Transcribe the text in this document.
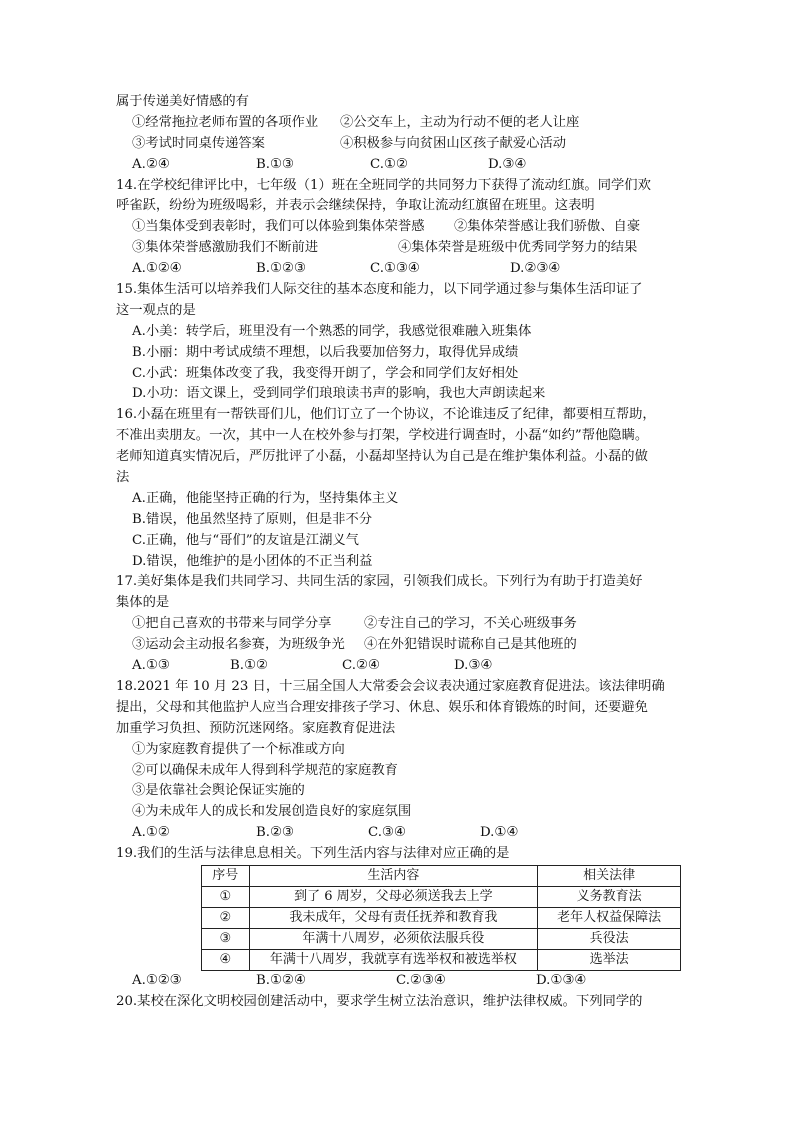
属于传递美好情感的有
①经常拖拉老师布置的各项作业	②公交车上，主动为行动不便的老人让座
③考试时同桌传递答案	④积极参与向贫困山区孩子献爱心活动
A.②④	B.①③	C.①②	D.③④
14.在学校纪律评比中，七年级（1）班在全班同学的共同努力下获得了流动红旗。同学们欢
呼雀跃，纷纷为班级喝彩，并表示会继续保持，争取让流动红旗留在班里。这表明
①当集体受到表彰时，我们可以体验到集体荣誉感	②集体荣誉感让我们骄傲、自豪
③集体荣誉感激励我们不断前进	④集体荣誉是班级中优秀同学努力的结果
A.①②④	B.①②③	C.①③④	D.②③④
15.集体生活可以培养我们人际交往的基本态度和能力，以下同学通过参与集体生活印证了
这一观点的是
A.小美：转学后，班里没有一个熟悉的同学，我感觉很难融入班集体
B.小丽：期中考试成绩不理想，以后我要加倍努力，取得优异成绩
C.小武：班集体改变了我，我变得开朗了，学会和同学们友好相处
D.小功：语文课上，受到同学们琅琅读书声的影响，我也大声朗读起来
16.小磊在班里有一帮铁哥们儿，他们订立了一个协议，不论谁违反了纪律，都要相互帮助，
不准出卖朋友。一次，其中一人在校外参与打架，学校进行调查时，小磊“如约”帮他隐瞒。
老师知道真实情况后，严厉批评了小磊，小磊却坚持认为自己是在维护集体利益。小磊的做
法
A.正确，他能坚持正确的行为，坚持集体主义
B.错误，他虽然坚持了原则，但是非不分
C.正确，他与“哥们”的友谊是江湖义气
D.错误，他维护的是小团体的不正当利益
17.美好集体是我们共同学习、共同生活的家园，引领我们成长。下列行为有助于打造美好
集体的是
①把自己喜欢的书带来与同学分享	②专注自己的学习，不关心班级事务
③运动会主动报名参赛，为班级争光	④在外犯错误时谎称自己是其他班的
A.①③	B.①②	C.②④	D.③④
18.2021 年 10 月 23 日，十三届全国人大常委会会议表决通过家庭教育促进法。该法律明确
提出，父母和其他监护人应当合理安排孩子学习、休息、娱乐和体育锻炼的时间，还要避免
加重学习负担、预防沉迷网络。家庭教育促进法
①为家庭教育提供了一个标准或方向
②可以确保未成年人得到科学规范的家庭教育
③是依靠社会舆论保证实施的
④为未成年人的成长和发展创造良好的家庭氛围
A.①②	B.②③	C.③④	D.①④
19.我们的生活与法律息息相关。下列生活内容与法律对应正确的是
序号	生活内容	相关法律
①	到了 6 周岁，父母必须送我去上学	义务教育法
②	我未成年，父母有责任抚养和教育我	老年人权益保障法
③	年满十八周岁，必须依法服兵役	兵役法
④	年满十八周岁，我就享有选举权和被选举权	选举法
A.①②③	B.①②④	C.②③④	D.①③④
20.某校在深化文明校园创建活动中，要求学生树立法治意识，维护法律权威。下列同学的
